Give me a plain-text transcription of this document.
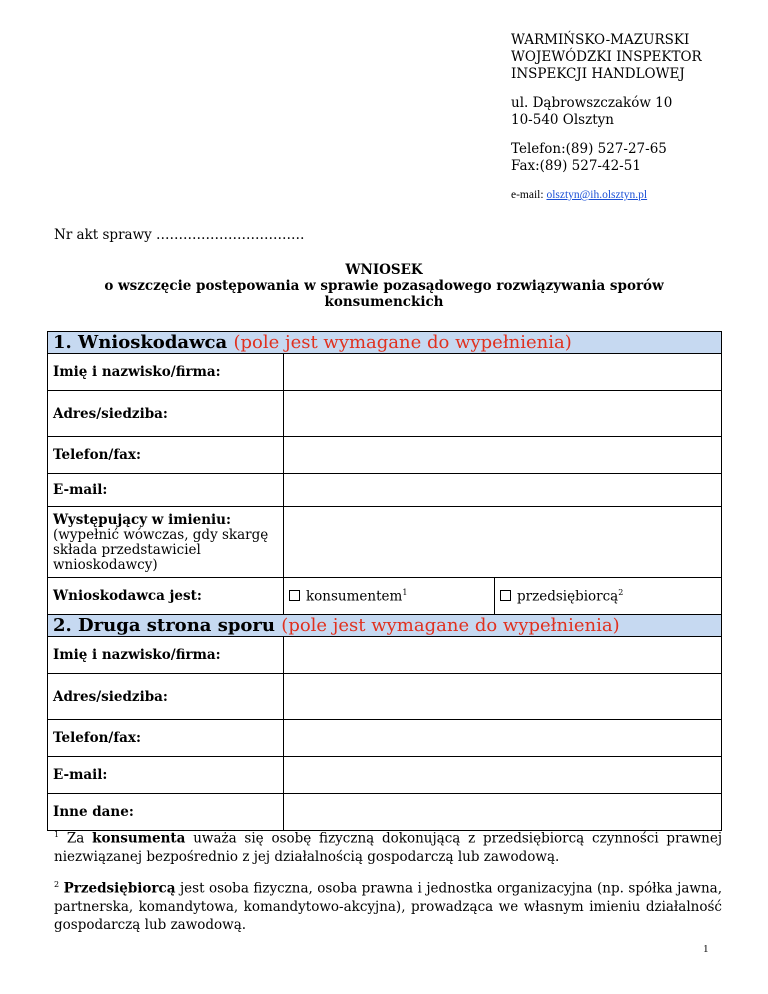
WARMIŃSKO-MAZURSKI

WOJEWÓDZKI INSPEKTOR

INSPEKCJI HANDLOWEJ

ul. Dąbrowszczaków 10

10-540 Olsztyn

Telefon:(89) 527-27-65

Fax:(89) 527-42-51

e-mail: olsztyn@ih.olsztyn.pl

Nr akt sprawy ……………………………
WNIOSEK
o wszczęcie postępowania w sprawie pozasądowego rozwiązywania sporów
konsumenckich
1. Wnioskodawca (pole jest wymagane do wypełnienia)		
Imię i nazwisko/firma:		
Adres/siedziba:		
Telefon/fax:		
E-mail:		

Występujący w imieniu:
(wypełnić wówczas, gdy skargę składa przedstawiciel wnioskodawcy)		

Wnioskodawca jest:	konsumentem$^1$	przedsiębiorcą$^2$
2. Druga strona sporu (pole jest wymagane do wypełnienia)		
Imię i nazwisko/firma:		
Adres/siedziba:		
Telefon/fax:		
E-mail:		
Inne dane:		
$^1$ Za konsumenta uważa się osobę fizyczną dokonującą z przedsiębiorcą czynności prawnej niezwiązanej bezpośrednio z jej działalnością gospodarczą lub zawodową.
$^2$ Przedsiębiorcą jest osoba fizyczna, osoba prawna i jednostka organizacyjna (np. spółka jawna, partnerska, komandytowa, komandytowo-akcyjna), prowadząca we własnym imieniu działalność gospodarczą lub zawodową.
1
